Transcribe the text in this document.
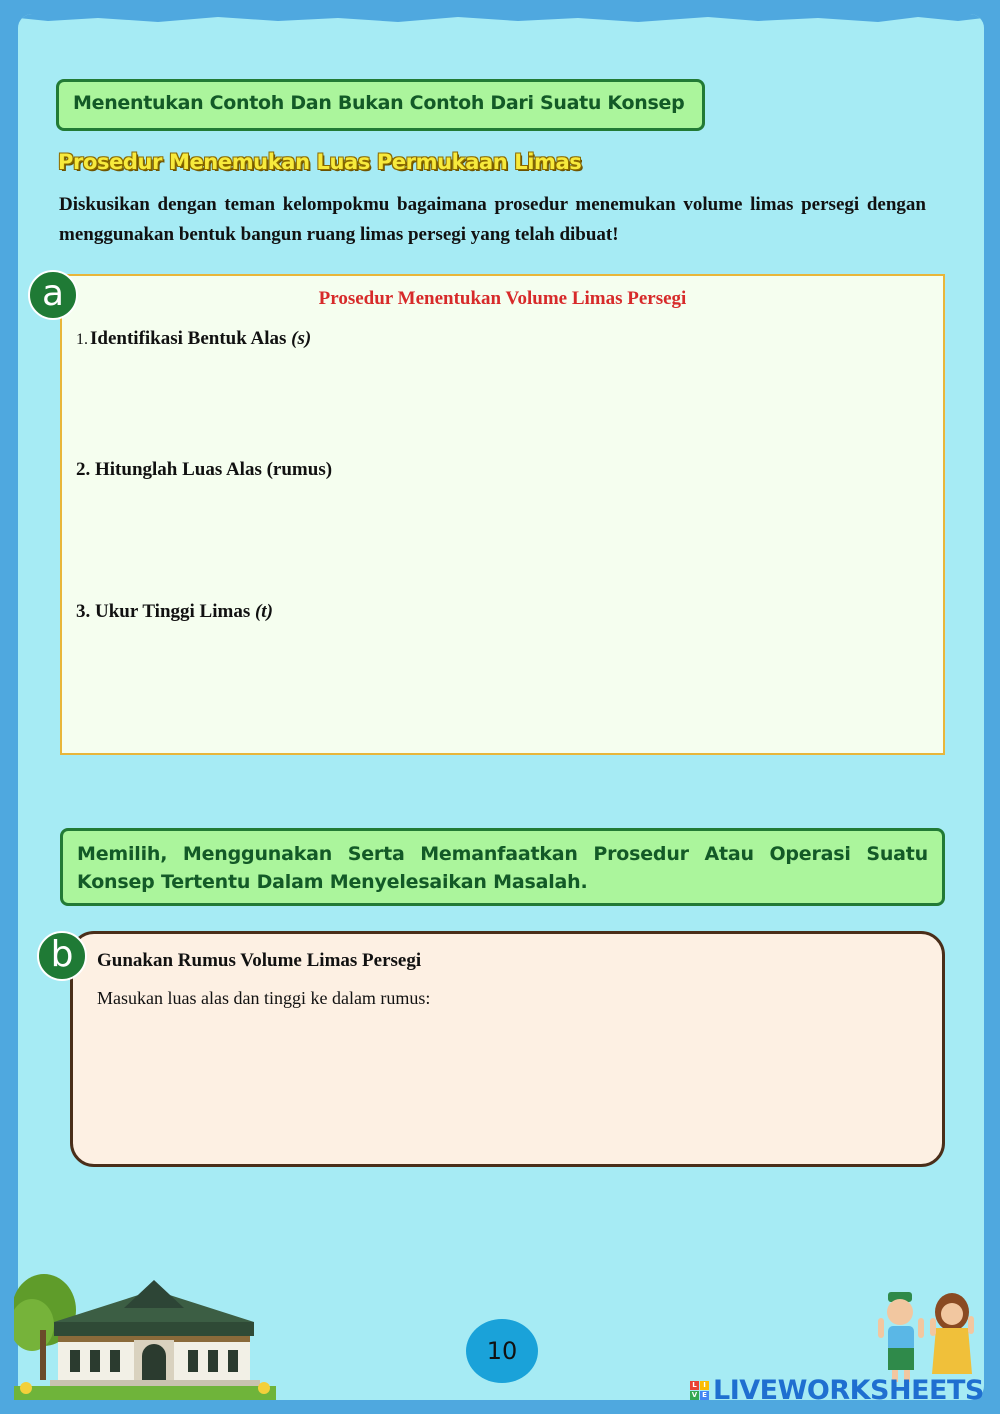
Menentukan Contoh Dan Bukan Contoh Dari Suatu Konsep
Prosedur Menemukan Luas Permukaan Limas
Diskusikan dengan teman kelompokmu bagaimana prosedur menemukan volume limas persegi dengan menggunakan bentuk bangun ruang limas persegi yang telah dibuat!
Prosedur Menentukan Volume Limas Persegi
1. Identifikasi Bentuk Alas (s)
2. Hitunglah Luas Alas (rumus)
3. Ukur Tinggi Limas (t)
a
Memilih, Menggunakan Serta Memanfaatkan Prosedur Atau Operasi Suatu Konsep Tertentu Dalam Menyelesaikan Masalah.
Gunakan Rumus Volume Limas Persegi
Masukan luas alas dan tinggi ke dalam rumus:
b
10
L I
V E LIVEWORKSHEETS
